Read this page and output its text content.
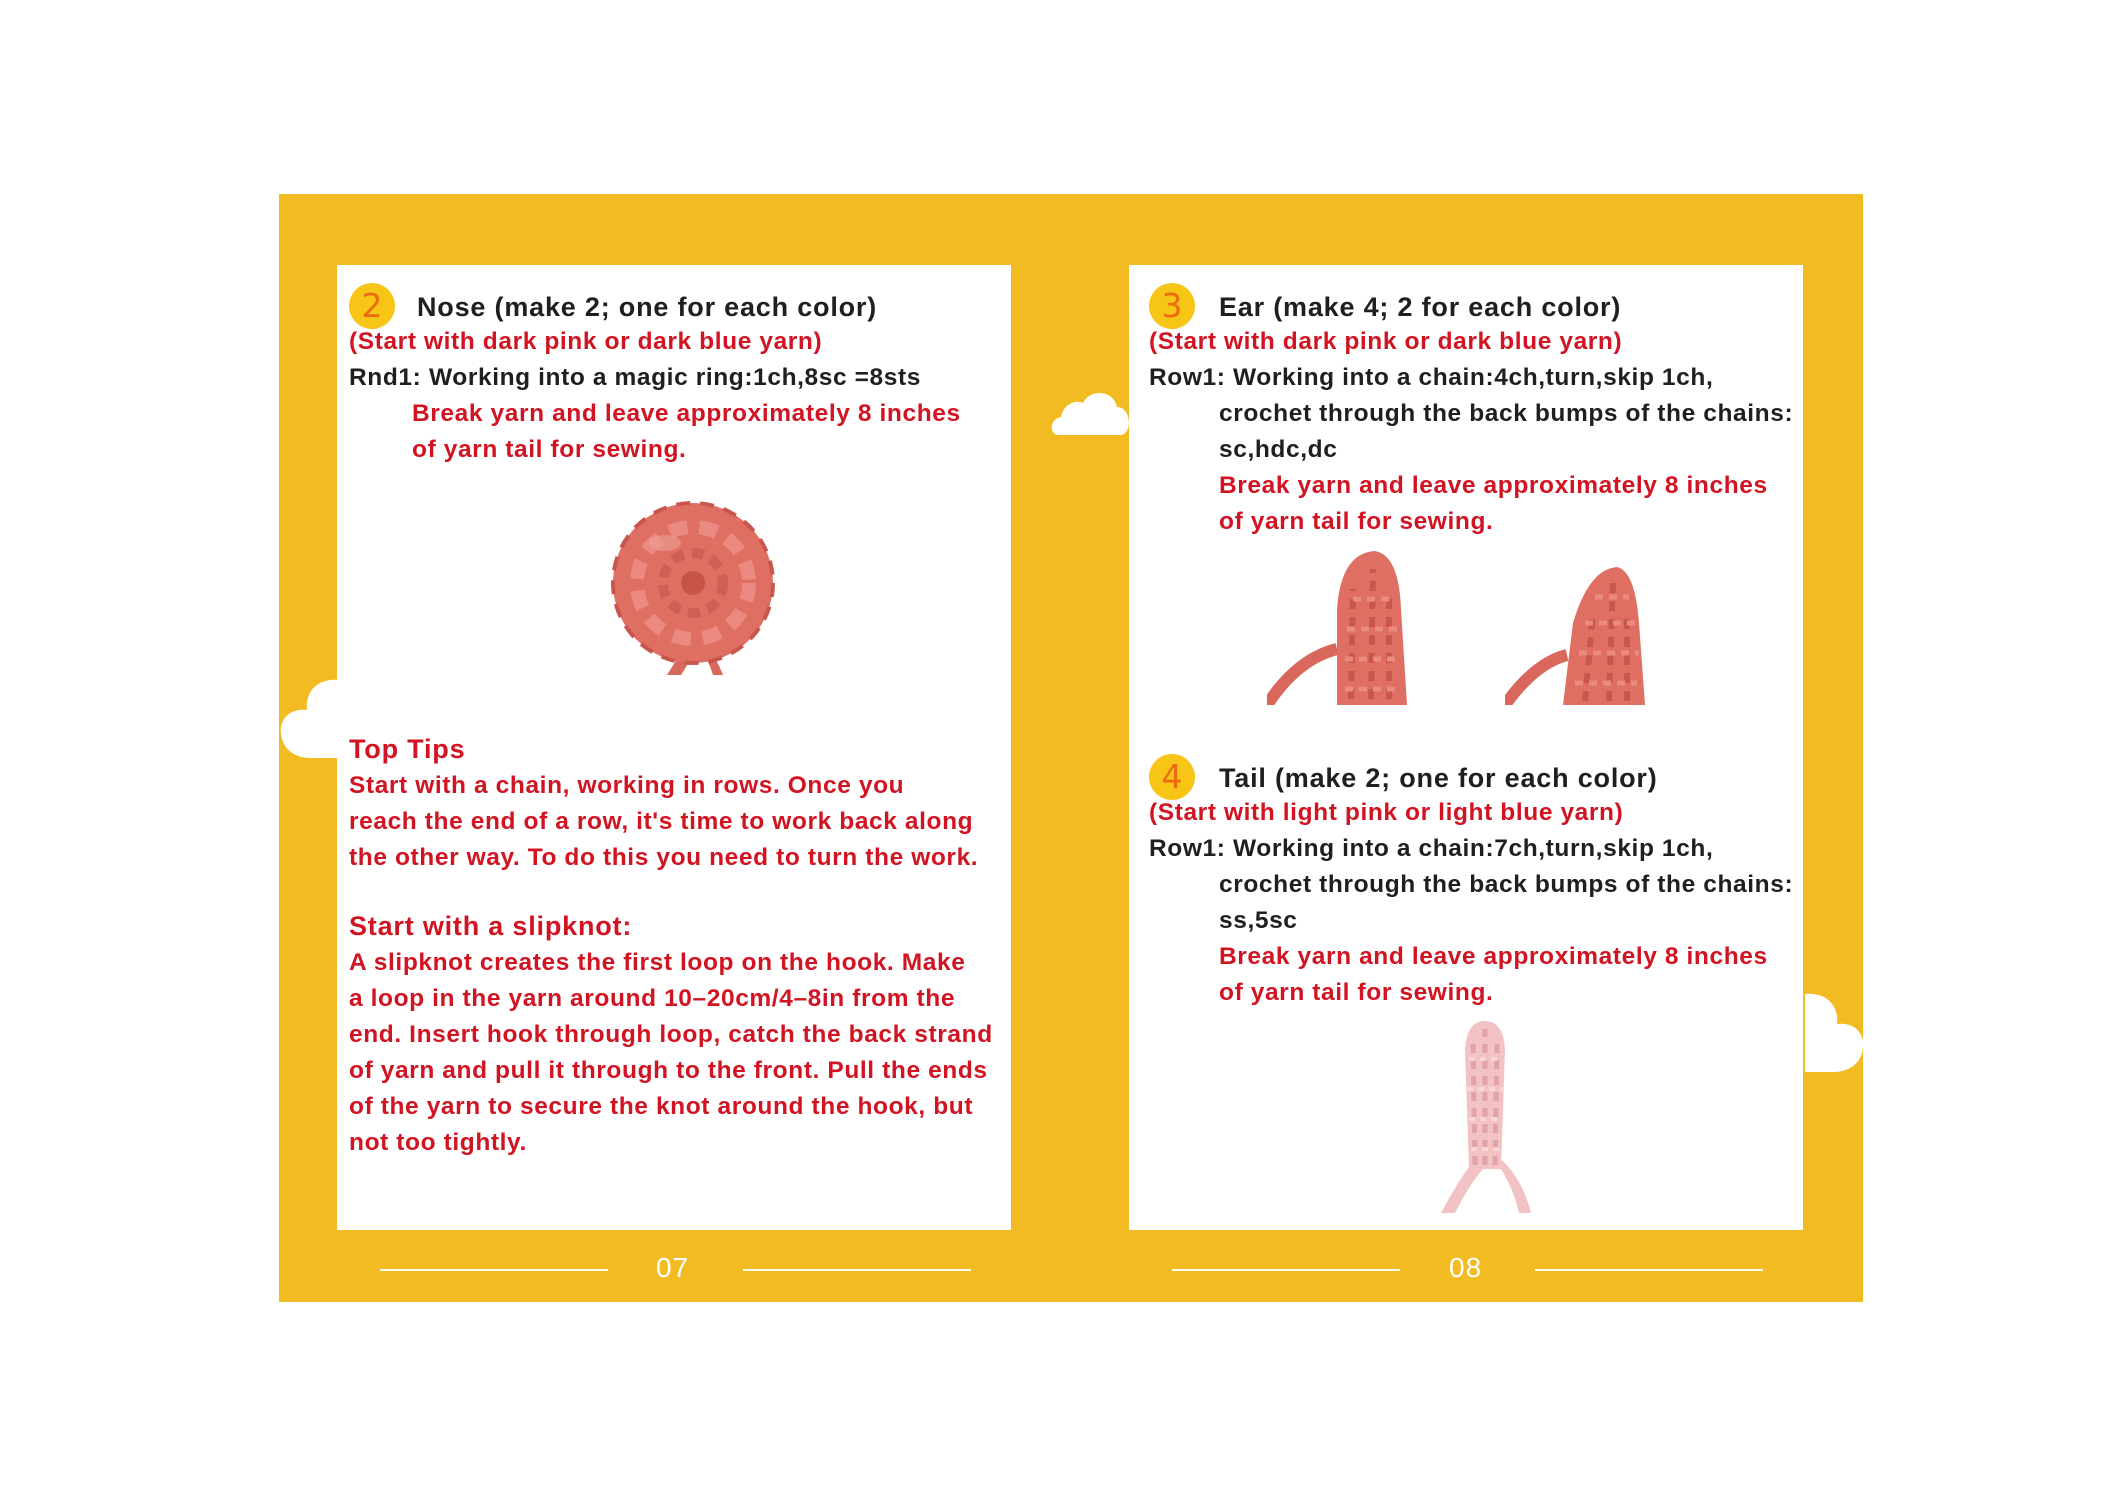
2	Nose (make 2; one for each color)
(Start with dark pink or dark blue yarn)
Rnd1: Working into a magic ring:1ch,8sc =8sts
Break yarn and leave approximately 8 inches
of yarn tail for sewing.
Top Tips
Start with a chain, working in rows. Once you
reach the end of a row, it's time to work back along
the other way. To do this you need to turn the work.
Start with a slipknot:
A slipknot creates the first loop on the hook. Make
a loop in the yarn around 10–20cm/4–8in from the
end. Insert hook through loop, catch the back strand
of yarn and pull it through to the front. Pull the ends
of the yarn to secure the knot around the hook, but
not too tightly.
3	Ear (make 4; 2 for each color)
(Start with dark pink or dark blue yarn)
Row1: Working into a chain:4ch,turn,skip 1ch,
crochet through the back bumps of the chains:
sc,hdc,dc
Break yarn and leave approximately 8 inches
of yarn tail for sewing.
4	Tail (make 2; one for each color)
(Start with light pink or light blue yarn)
Row1: Working into a chain:7ch,turn,skip 1ch,
crochet through the back bumps of the chains:
ss,5sc
Break yarn and leave approximately 8 inches
of yarn tail for sewing.
07	08
